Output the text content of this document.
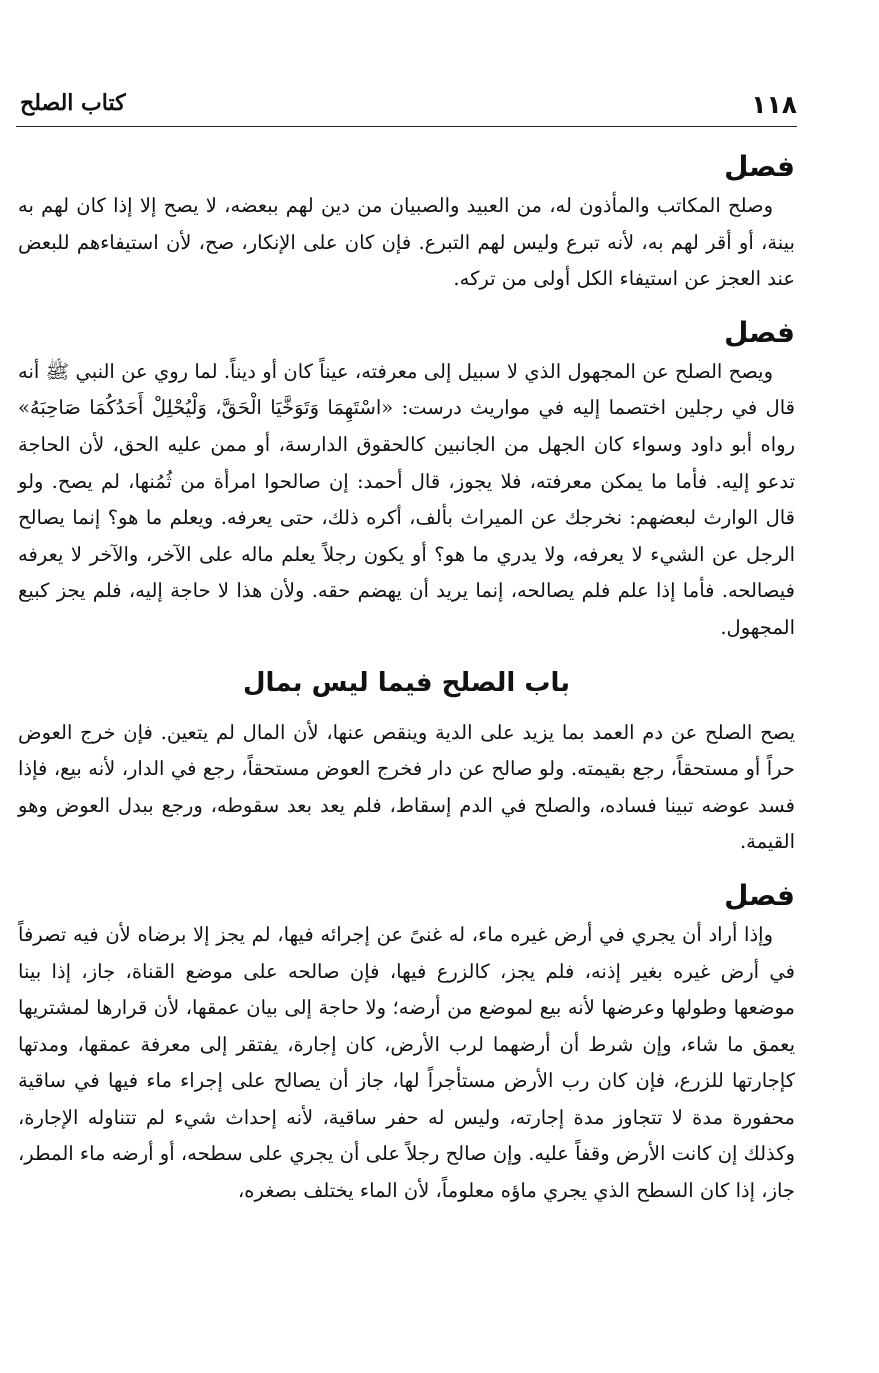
١١٨
كتاب الصلح
فصل

وصلح المكاتب والمأذون له، من العبيد والصبيان من دين لهم ببعضه، لا يصح إلا إذا كان لهم به بينة، أو أقر لهم به، لأنه تبرع وليس لهم التبرع. فإن كان على الإنكار، صح، لأن استيفاءهم للبعض عند العجز عن استيفاء الكل أولى من تركه.

فصل

ويصح الصلح عن المجهول الذي لا سبيل إلى معرفته، عيناً كان أو ديناً. لما روي عن النبي ﷺ أنه قال في رجلين اختصما إليه في مواريث درست: «اسْتَهِمَا وَتَوَخَّيَا الْحَقَّ، وَلْيُحْلِلْ أَحَدُكُمَا صَاحِبَهُ» رواه أبو داود وسواء كان الجهل من الجانبين كالحقوق الدارسة، أو ممن عليه الحق، لأن الحاجة تدعو إليه. فأما ما يمكن معرفته، فلا يجوز، قال أحمد: إن صالحوا امرأة من ثُمُنها، لم يصح. ولو قال الوارث لبعضهم: نخرجك عن الميراث بألف، أكره ذلك، حتى يعرفه. ويعلم ما هو؟ إنما يصالح الرجل عن الشيء لا يعرفه، ولا يدري ما هو؟ أو يكون رجلاً يعلم ماله على الآخر، والآخر لا يعرفه فيصالحه. فأما إذا علم فلم يصالحه، إنما يريد أن يهضم حقه. ولأن هذا لا حاجة إليه، فلم يجز كبيع المجهول.

باب الصلح فيما ليس بمال

يصح الصلح عن دم العمد بما يزيد على الدية وينقص عنها، لأن المال لم يتعين. فإن خرج العوض حراً أو مستحقاً، رجع بقيمته. ولو صالح عن دار فخرج العوض مستحقاً، رجع في الدار، لأنه بيع، فإذا فسد عوضه تبينا فساده، والصلح في الدم إسقاط، فلم يعد بعد سقوطه، ورجع ببدل العوض وهو القيمة.

فصل

وإذا أراد أن يجري في أرض غيره ماء، له غنىً عن إجرائه فيها، لم يجز إلا برضاه لأن فيه تصرفاً في أرض غيره بغير إذنه، فلم يجز، كالزرع فيها، فإن صالحه على موضع القناة، جاز، إذا بينا موضعها وطولها وعرضها لأنه بيع لموضع من أرضه؛ ولا حاجة إلى بيان عمقها، لأن قرارها لمشتريها يعمق ما شاء، وإن شرط أن أرضهما لرب الأرض، كان إجارة، يفتقر إلى معرفة عمقها، ومدتها كإجارتها للزرع، فإن كان رب الأرض مستأجراً لها، جاز أن يصالح على إجراء ماء فيها في ساقية محفورة مدة لا تتجاوز مدة إجارته، وليس له حفر ساقية، لأنه إحداث شيء لم تتناوله الإجارة، وكذلك إن كانت الأرض وقفاً عليه. وإن صالح رجلاً على أن يجري على سطحه، أو أرضه ماء المطر، جاز، إذا كان السطح الذي يجري ماؤه معلوماً، لأن الماء يختلف بصغره،
